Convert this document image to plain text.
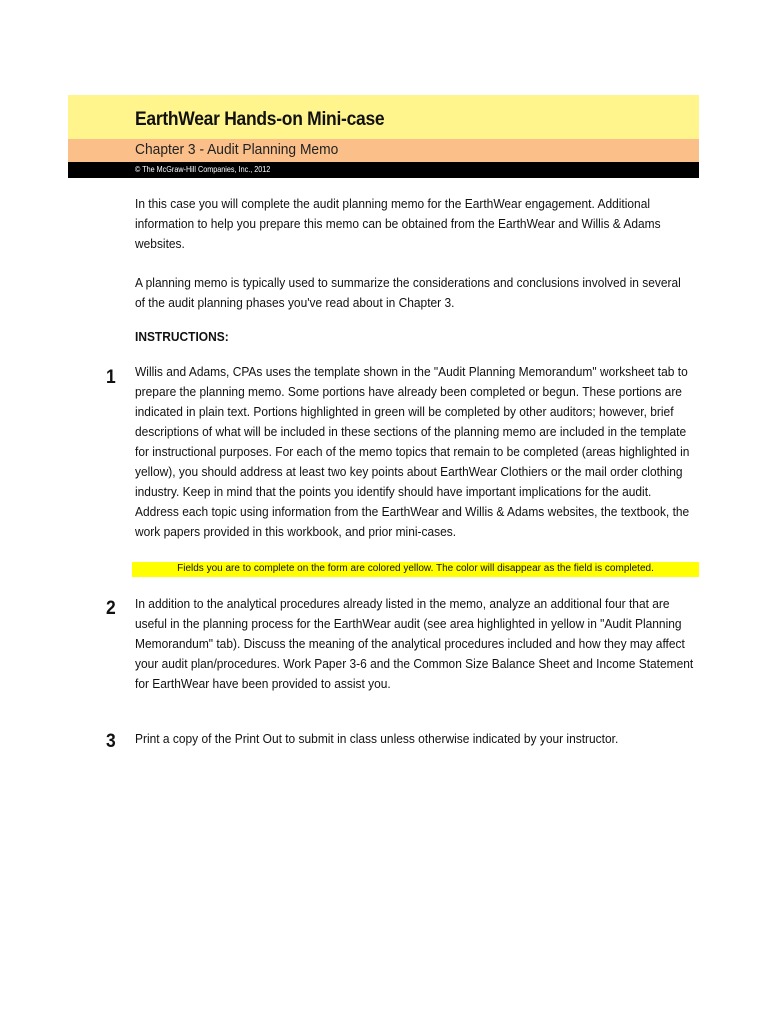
EarthWear Hands-on Mini-case
Chapter 3 - Audit Planning Memo
© The McGraw-Hill Companies, Inc., 2012
In this case you will complete the audit planning memo for the EarthWear engagement. Additional information to help you prepare this memo can be obtained from the EarthWear and Willis & Adams websites.
A planning memo is typically used to summarize the considerations and conclusions involved in several of the audit planning phases you've read about in Chapter 3.
INSTRUCTIONS:
1 Willis and Adams, CPAs uses the template shown in the "Audit Planning Memorandum" worksheet tab to prepare the planning memo. Some portions have already been completed or begun. These portions are indicated in plain text. Portions highlighted in green will be completed by other auditors; however, brief descriptions of what will be included in these sections of the planning memo are included in the template for instructional purposes. For each of the memo topics that remain to be completed (areas highlighted in yellow), you should address at least two key points about EarthWear Clothiers or the mail order clothing industry. Keep in mind that the points you identify should have important implications for the audit. Address each topic using information from the EarthWear and Willis & Adams websites, the textbook, the work papers provided in this workbook, and prior mini-cases.
Fields you are to complete on the form are colored yellow. The color will disappear as the field is completed.
2 In addition to the analytical procedures already listed in the memo, analyze an additional four that are useful in the planning process for the EarthWear audit (see area highlighted in yellow in "Audit Planning Memorandum" tab). Discuss the meaning of the analytical procedures included and how they may affect your audit plan/procedures. Work Paper 3-6 and the Common Size Balance Sheet and Income Statement for EarthWear have been provided to assist you.
3 Print a copy of the Print Out to submit in class unless otherwise indicated by your instructor.
